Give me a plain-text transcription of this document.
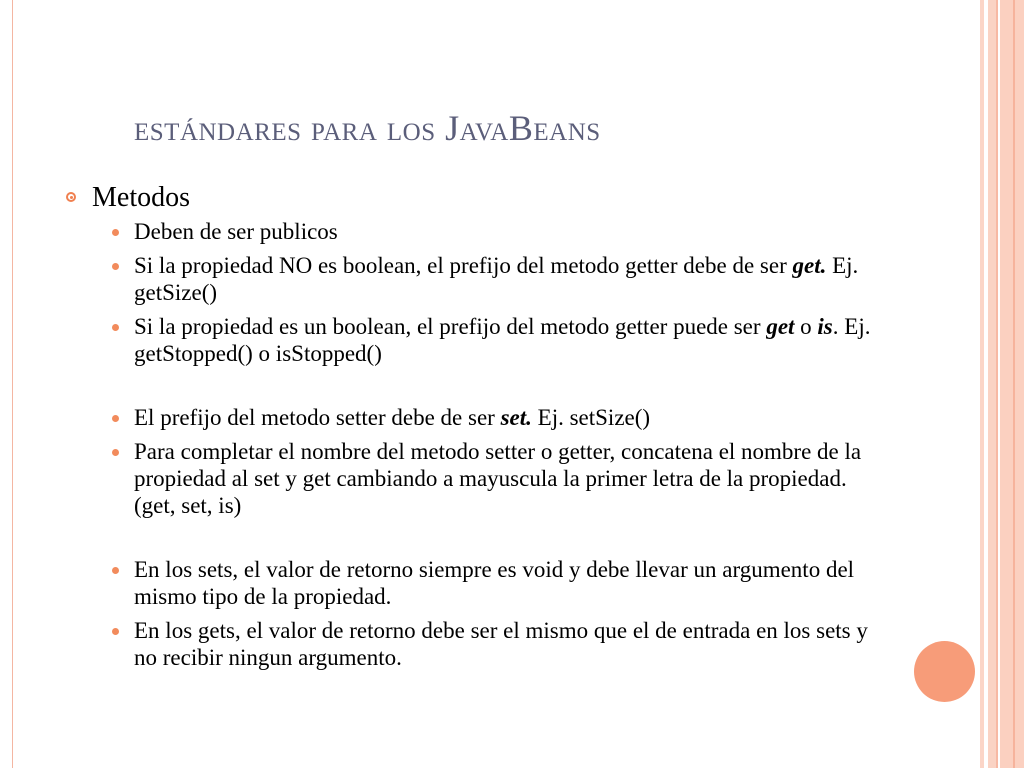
estándares para los JavaBeans
Metodos
Deben de ser publicos
Si la propiedad NO es boolean, el prefijo del metodo getter debe de ser get. Ej. getSize()
Si la propiedad es un boolean, el prefijo del metodo getter puede ser get o is. Ej. getStopped() o isStopped()
El prefijo del metodo setter debe de ser set. Ej. setSize()
Para completar el nombre del metodo setter o getter, concatena el nombre de la propiedad al set y get cambiando a mayuscula la primer letra de la propiedad. (get, set, is)
En los sets, el valor de retorno siempre es void y debe llevar un argumento del mismo tipo de la propiedad.
En los gets, el valor de retorno debe ser el mismo que el de entrada en los sets y no recibir ningun argumento.
